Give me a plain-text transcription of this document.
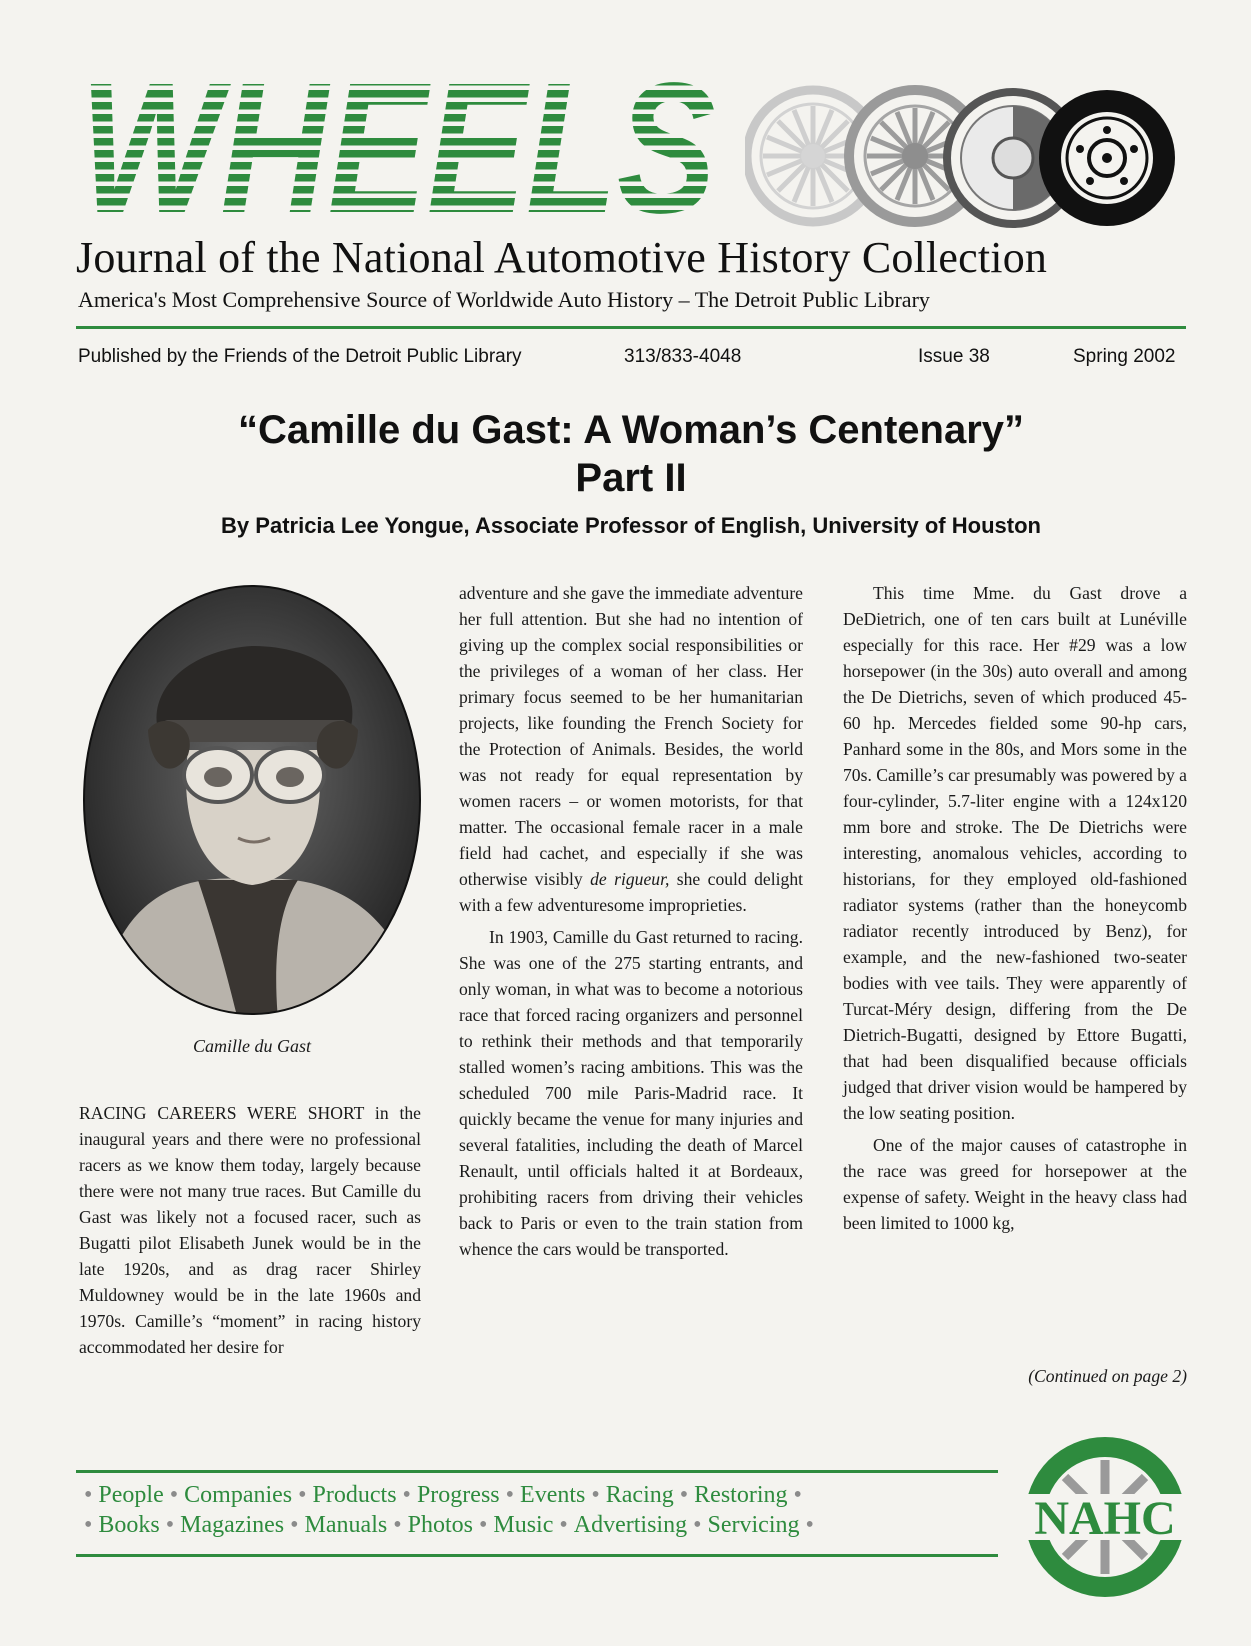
WHEELS
Journal of the National Automotive History Collection
America's Most Comprehensive Source of Worldwide Auto History – The Detroit Public Library
Published by the Friends of the Detroit Public Library	313/833-4048	Issue 38	Spring 2002
“Camille du Gast: A Woman’s Centenary”
Part II
By Patricia Lee Yongue, Associate Professor of English, University of Houston
Camille du Gast

RACING CAREERS WERE SHORT in the inaugural years and there were no professional racers as we know them today, largely because there were not many true races. But Camille du Gast was likely not a focused racer, such as Bugatti pilot Elisabeth Junek would be in the late 1920s, and as drag racer Shirley Muldowney would be in the late 1960s and 1970s. Camille’s “moment” in racing history accommodated her desire for

adventure and she gave the immediate adventure her full attention. But she had no intention of giving up the complex social responsibilities or the privileges of a woman of her class. Her primary focus seemed to be her humanitarian projects, like founding the French Society for the Protection of Animals. Besides, the world was not ready for equal representation by women racers – or women motorists, for that matter. The occasional female racer in a male field had cachet, and especially if she was otherwise visibly de rigueur, she could delight with a few adventuresome improprieties.

In 1903, Camille du Gast returned to racing. She was one of the 275 starting entrants, and only woman, in what was to become a notorious race that forced racing organizers and personnel to rethink their methods and that temporarily stalled women’s racing ambitions. This was the scheduled 700 mile Paris-Madrid race. It quickly became the venue for many injuries and several fatalities, including the death of Marcel Renault, until officials halted it at Bordeaux, prohibiting racers from driving their vehicles back to Paris or even to the train station from whence the cars would be transported.

This time Mme. du Gast drove a DeDietrich, one of ten cars built at Lunéville especially for this race. Her #29 was a low horsepower (in the 30s) auto overall and among the De Dietrichs, seven of which produced 45-60 hp. Mercedes fielded some 90-hp cars, Panhard some in the 80s, and Mors some in the 70s. Camille’s car presumably was powered by a four-cylinder, 5.7-liter engine with a 124x120 mm bore and stroke. The De Dietrichs were interesting, anomalous vehicles, according to historians, for they employed old-fashioned radiator systems (rather than the honeycomb radiator recently introduced by Benz), for example, and the new-fashioned two-seater bodies with vee tails. They were apparently of Turcat-Méry design, differing from the De Dietrich-Bugatti, designed by Ettore Bugatti, that had been disqualified because officials judged that driver vision would be hampered by the low seating position.

One of the major causes of catastrophe in the race was greed for horsepower at the expense of safety. Weight in the heavy class had been limited to 1000 kg,

(Continued on page 2)
• People • Companies • Products • Progress • Events • Racing • Restoring •
• Books • Magazines • Manuals • Photos • Music • Advertising • Servicing •	NAHC
